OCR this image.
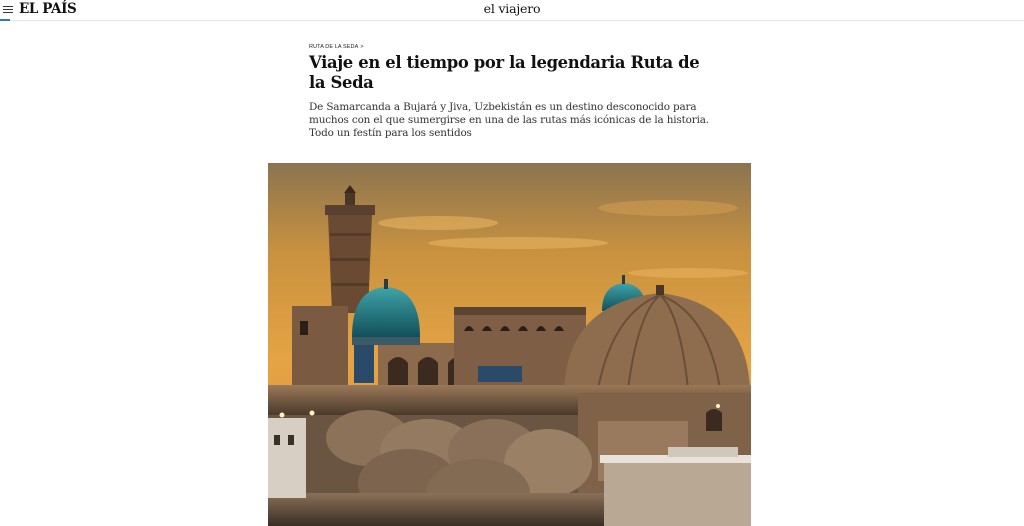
EL PAÍS	el viajero
RUTA DE LA SEDA >
Viaje en el tiempo por la legendaria Ruta de la Seda

De Samarcanda a Bujará y Jiva, Uzbekistán es un destino desconocido para muchos con el que sumergirse en una de las rutas más icónicas de la historia. Todo un festín para los sentidos
